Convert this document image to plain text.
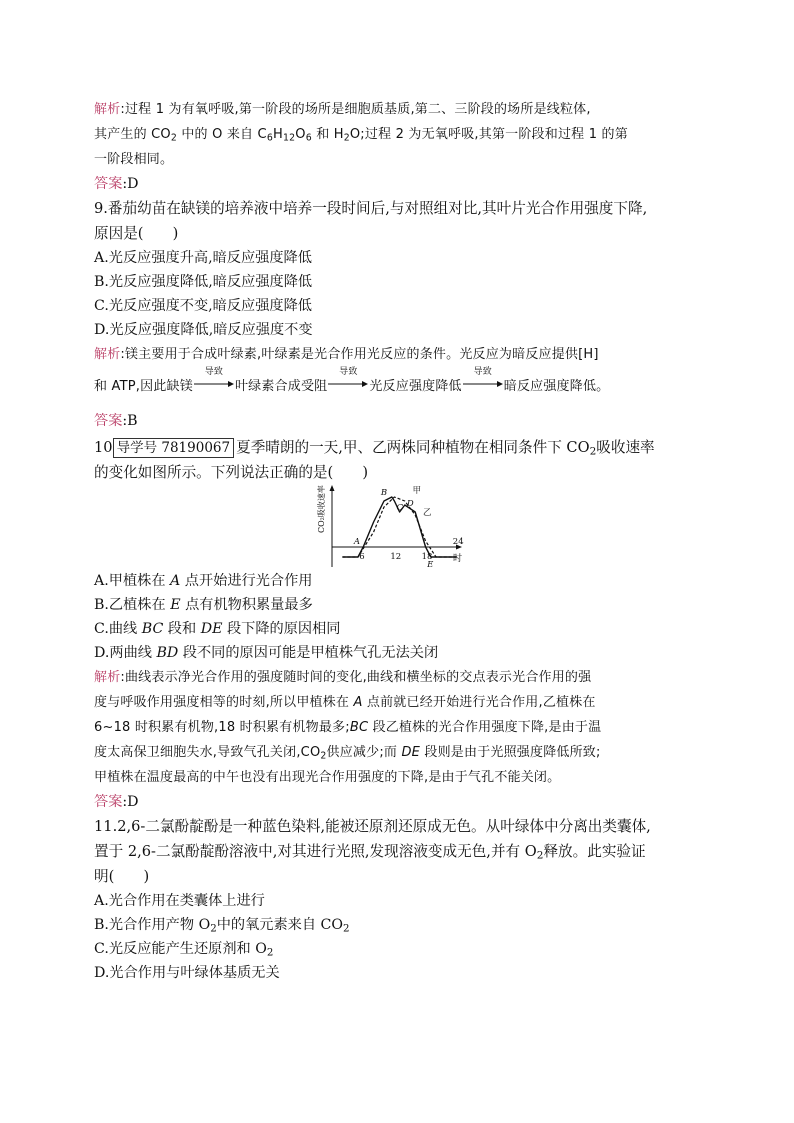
解析:过程 1 为有氧呼吸,第一阶段的场所是细胞质基质,第二、三阶段的场所是线粒体,
其产生的 $CO_2$ 中的 O 来自 $C_6H_{12}O_6$ 和 $H_2O$;过程 2 为无氧呼吸,其第一阶段和过程 1 的第
一阶段相同。
答案:D
9.番茄幼苗在缺镁的培养液中培养一段时间后,与对照组对比,其叶片光合作用强度下降,
原因是(　　)
A.光反应强度升高,暗反应强度降低
B.光反应强度降低,暗反应强度降低
C.光反应强度不变,暗反应强度降低
D.光反应强度降低,暗反应强度不变
解析:镁主要用于合成叶绿素,叶绿素是光合作用光反应的条件。光反应为暗反应提供[H]
和 ATP,因此缺镁
导致
叶绿素合成受阻
导致
光反应强度降低
导致
暗反应强度降低。
答案:B
10 导学号 78190067 夏季晴朗的一天,甲、乙两株同种植物在相同条件下 $CO_2$吸收速率
的变化如图所示。下列说法正确的是(　　)
CO₂吸收速率
时
6	12 18
24
甲
乙
A
B
C D
E
A.甲植株在 A 点开始进行光合作用
B.乙植株在 E 点有机物积累量最多
C.曲线 BC 段和 DE 段下降的原因相同
D.两曲线 BD 段不同的原因可能是甲植株气孔无法关闭
解析:曲线表示净光合作用的强度随时间的变化,曲线和横坐标的交点表示光合作用的强
度与呼吸作用强度相等的时刻,所以甲植株在 A 点前就已经开始进行光合作用,乙植株在
6~18 时积累有机物,18 时积累有机物最多;BC 段乙植株的光合作用强度下降,是由于温
度太高保卫细胞失水,导致气孔关闭$,CO_2$供应减少;而 DE 段则是由于光照强度降低所致;
甲植株在温度最高的中午也没有出现光合作用强度的下降,是由于气孔不能关闭。
答案:D
11.2,6-二氯酚靛酚是一种蓝色染料,能被还原剂还原成无色。从叶绿体中分离出类囊体,
置于 2,6-二氯酚靛酚溶液中,对其进行光照,发现溶液变成无色,并有 $O_2$释放。此实验证
明(　　)
A.光合作用在类囊体上进行
B.光合作用产物 $O_2$中的氧元素来自 $CO_2$
C.光反应能产生还原剂和 $O_2$
D.光合作用与叶绿体基质无关
